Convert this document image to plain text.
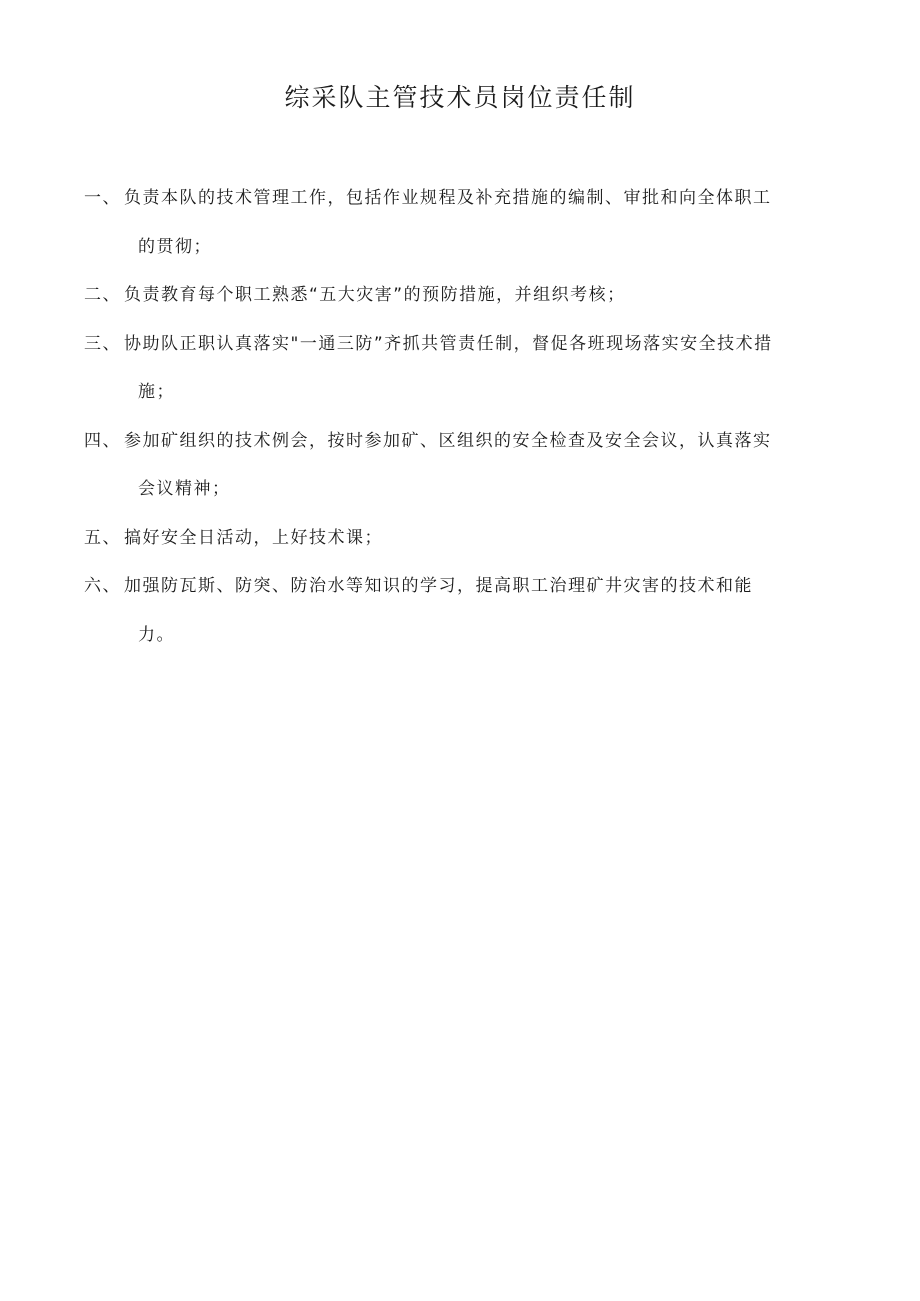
综采队主管技术员岗位责任制
一、 负责本队的技术管理工作，包括作业规程及补充措施的编制、审批和向全体职工
的贯彻；
二、 负责教育每个职工熟悉“五大灾害”的预防措施，并组织考核；
三、 协助队正职认真落实"一通三防”齐抓共管责任制，督促各班现场落实安全技术措
施；
四、 参加矿组织的技术例会，按时参加矿、区组织的安全检查及安全会议，认真落实
会议精神；
五、 搞好安全日活动，上好技术课；
六、 加强防瓦斯、防突、防治水等知识的学习，提高职工治理矿井灾害的技术和能
力。
